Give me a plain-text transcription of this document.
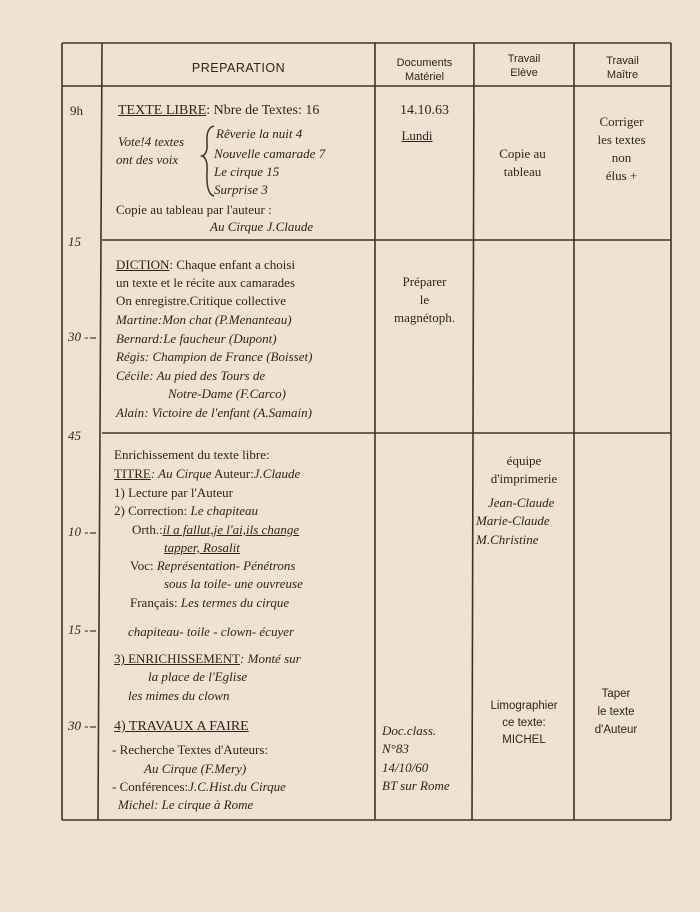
PREPARATION	Documents
Matériel
Travail
Elève
Travail
Maître
9h
15
30 -
45
10 -
15 -
30 -
TEXTE LIBRE: Nbre de Textes: 16
Vote!4 textes
ont des voix
Rêverie la nuit 4
Nouvelle camarade 7
Le cirque 15
Surprise 3
Copie au tableau par l'auteur :
Au Cirque J.Claude
14.10.63
Lundi
Copie au
tableau
Corriger
les textes
non
élus +
DICTION: Chaque enfant a choisi
un texte et le récite aux camarades
On enregistre.Critique collective
Martine:Mon chat (P.Menanteau)
Bernard:Le faucheur (Dupont)
Régis: Champion de France (Boisset)
Cécile: Au pied des Tours de
Notre-Dame (F.Carco)
Alain: Victoire de l'enfant (A.Samain)
Préparer
le
magnétoph.
Enrichissement du texte libre:
TITRE: Au Cirque Auteur:J.Claude
1) Lecture par l'Auteur
2) Correction: Le chapiteau
Orth.:il a fallut,je l'ai,ils change
tapper, Rosalit
Voc: Représentation- Pénétrons
sous la toile- une ouvreuse
Français: Les termes du cirque
chapiteau- toile - clown- écuyer
3) ENRICHISSEMENT: Monté sur
la place de l'Eglise
les mimes du clown
4) TRAVAUX A FAIRE
- Recherche Textes d'Auteurs:
Au Cirque (F.Mery)
- Conférences:J.C.Hist.du Cirque
Michel: Le cirque à Rome
équipe
d'imprimerie
Jean-Claude
Marie-Claude
M.Christine
Limographier
ce texte:
MICHEL
Doc.class.
N°83
14/10/60
BT sur Rome
Taper
le texte
d'Auteur
